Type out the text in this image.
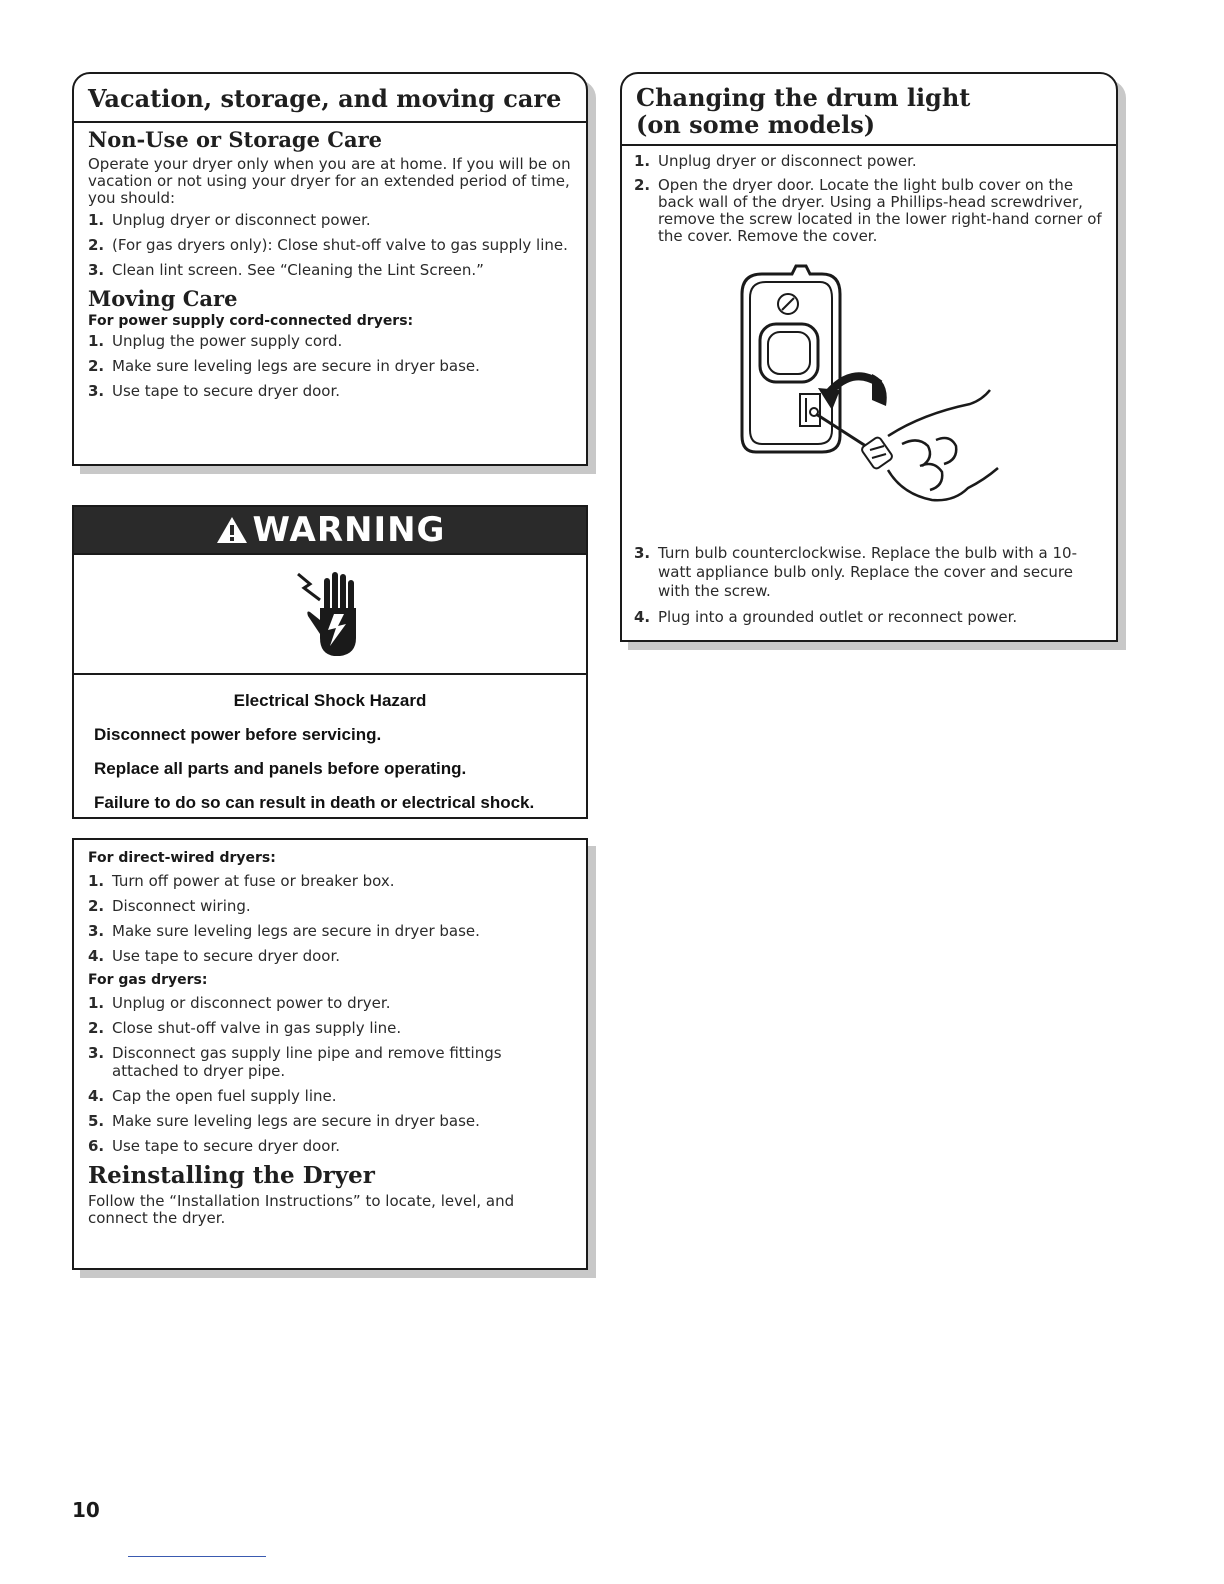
Vacation, storage, and moving care
Non-Use or Storage Care

Operate your dryer only when you are at home. If you will be on vacation or not using your dryer for an extended period of time, you should:

1. Unplug dryer or disconnect power.
2. (For gas dryers only): Close shut-off valve to gas supply line.
3. Clean lint screen. See “Cleaning the Lint Screen.”
Moving Care
For power supply cord-connected dryers:
1. Unplug the power supply cord.
2. Make sure leveling legs are secure in dryer base.
3. Use tape to secure dryer door.
WARNING

Electrical Shock Hazard

Disconnect power before servicing.

Replace all parts and panels before operating.

Failure to do so can result in death or electrical shock.

For direct-wired dryers:
1. Turn off power at fuse or breaker box.
2. Disconnect wiring.
3. Make sure leveling legs are secure in dryer base.
4. Use tape to secure dryer door.
For gas dryers:
1. Unplug or disconnect power to dryer.
2. Close shut-off valve in gas supply line.
3. Disconnect gas supply line pipe and remove fittings attached to dryer pipe.
4. Cap the open fuel supply line.
5. Make sure leveling legs are secure in dryer base.
6. Use tape to secure dryer door.
Reinstalling the Dryer

Follow the “Installation Instructions” to locate, level, and connect the dryer.

Changing the drum light
(on some models)
1. Unplug dryer or disconnect power.
2. Open the dryer door. Locate the light bulb cover on the back wall of the dryer. Using a Phillips-head screwdriver, remove the screw located in the lower right-hand corner of the cover. Remove the cover.
3. Turn bulb counterclockwise. Replace the bulb with a 10-watt appliance bulb only. Replace the cover and secure with the screw.
4. Plug into a grounded outlet or reconnect power.
10
